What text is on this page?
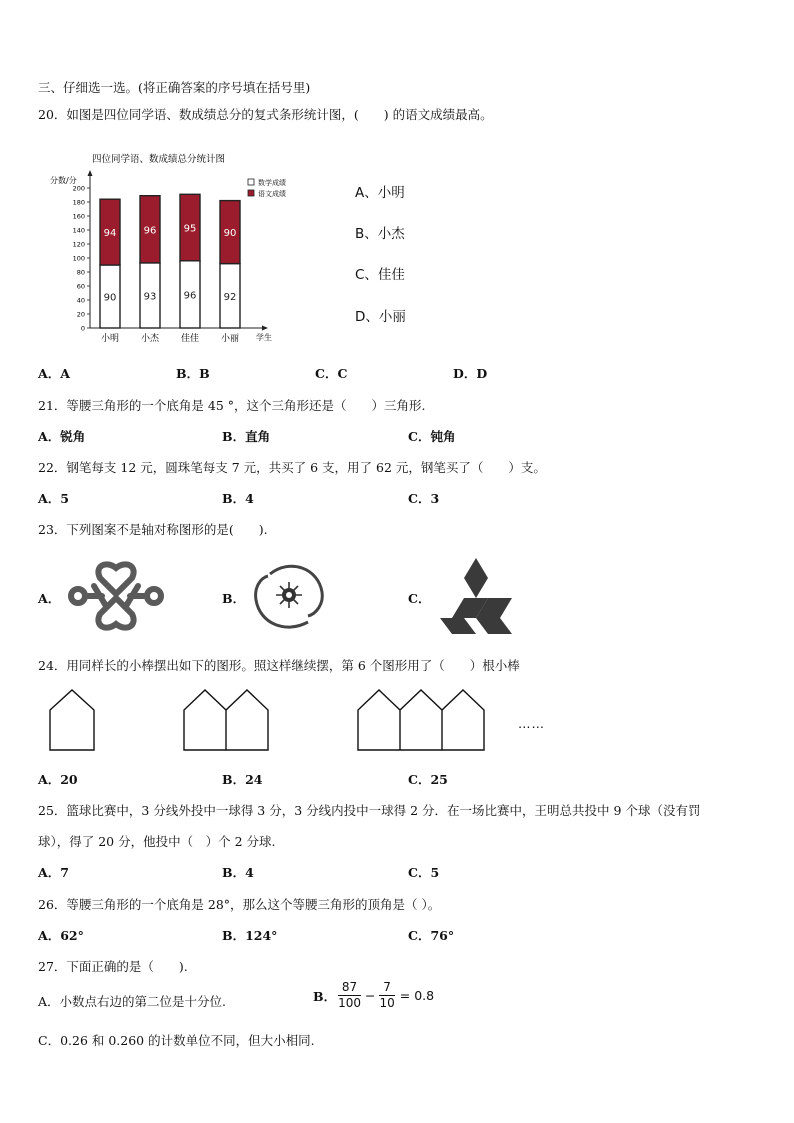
三、仔细选一选。(将正确答案的序号填在括号里)
20．如图是四位同学语、数成绩总分的复式条形统计图，(　　) 的语文成绩最高。
四位同学语、数成绩总分统计图
分数/分
学生
0
20
40
60
80
100
120
140
160
180
200
90
94
小明
93
96
小杰
96
95
佳佳
92
90
小丽
数学成绩
语文成绩	A、小明
B、小杰
C、佳佳
D、小丽
A．A	B．B	C．C	D．D
21．等腰三角形的一个底角是 45 °，这个三角形还是（　　）三角形.
A．锐角	B．直角	C．钝角
22．钢笔每支 12 元，圆珠笔每支 7 元，共买了 6 支，用了 62 元，钢笔买了（　　）支。
A．5	B．4	C．3
23．下列图案不是轴对称图形的是(　　).
A．	B．	C．
24．用同样长的小棒摆出如下的图形。照这样继续摆，第 6 个图形用了（　　）根小棒
……
A．20	B．24	C．25
25．篮球比赛中，3 分线外投中一球得 3 分，3 分线内投中一球得 2 分．在一场比赛中，王明总共投中 9 个球（没有罚
球），得了 20 分，他投中（　）个 2 分球.
A．7	B．4	C．5
26．等腰三角形的一个底角是 28°，那么这个等腰三角形的顶角是（ ）。
A．62°	B．124°	C．76°
27．下面正确的是（　　).
A．小数点右边的第二位是十分位.	B． $\frac{87}{100} - \frac{7}{10} = 0.8$
C．0.26 和 0.260 的计数单位不同，但大小相同.
